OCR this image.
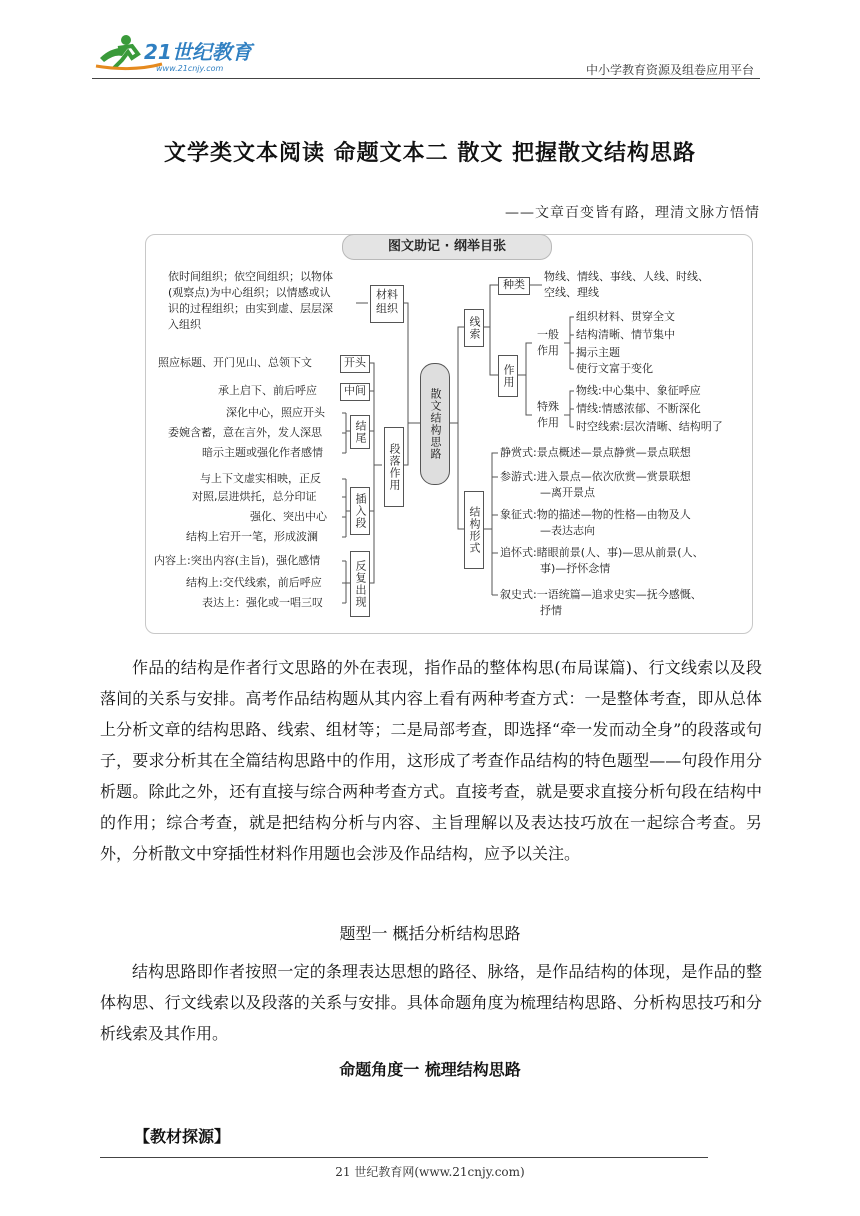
21世纪教育
www.21cnjy.com	中小学教育资源及组卷应用平台
文学类文本阅读 命题文本二 散文 把握散文结构思路
——文章百变皆有路，理清文脉方悟情
图文助记 · 纲举目张
散文结构思路
依时间组织；依空间组织；以物体
(观察点)为中心组织；以情感或认
识的过程组织；由实到虚、层层深
入组织
材料组织
段落作用
照应标题、开门见山、总领下文	开头
承上启下、前后呼应	中间
深化中心，照应开头
委婉含蓄，意在言外，发人深思
暗示主题或强化作者感情
结尾
与上下文虚实相映，正反
对照,层进烘托，总分印证
强化、突出中心
结构上宕开一笔，形成波澜
插入段
内容上:突出内容(主旨)，强化感情
结构上:交代线索，前后呼应
表达上：强化或一唱三叹	反复出现
线索
种类
物线、情线、事线、人线、时线、
空线、理线
作用
一般作用
特殊作用
组织材料、贯穿全文
结构清晰、情节集中
揭示主题
使行文富于变化
物线:中心集中、象征呼应
情线:情感浓郁、不断深化
时空线索:层次清晰、结构明了
结构形式
静赏式:景点概述—景点静赏—景点联想
参游式:进入景点—依次欣赏—赏景联想
—离开景点
象征式:物的描述—物的性格—由物及人
—表达志向
追怀式:睹眼前景(人、事)—思从前景(人、
事)—抒怀念情
叙史式:一语统篇—追求史实—抚今感慨、
抒情
作品的结构是作者行文思路的外在表现，指作品的整体构思(布局谋篇)、行文线索以及段落间的关系与安排。高考作品结构题从其内容上看有两种考查方式：一是整体考查，即从总体上分析文章的结构思路、线索、组材等；二是局部考查，即选择“牵一发而动全身”的段落或句子，要求分析其在全篇结构思路中的作用，这形成了考查作品结构的特色题型——句段作用分析题。除此之外，还有直接与综合两种考查方式。直接考查，就是要求直接分析句段在结构中的作用；综合考查，就是把结构分析与内容、主旨理解以及表达技巧放在一起综合考查。另外，分析散文中穿插性材料作用题也会涉及作品结构，应予以关注。
题型一 概括分析结构思路
结构思路即作者按照一定的条理表达思想的路径、脉络，是作品结构的体现，是作品的整体构思、行文线索以及段落的关系与安排。具体命题角度为梳理结构思路、分析构思技巧和分析线索及其作用。
命题角度一 梳理结构思路
【教材探源】
21 世纪教育网(www.21cnjy.com)
